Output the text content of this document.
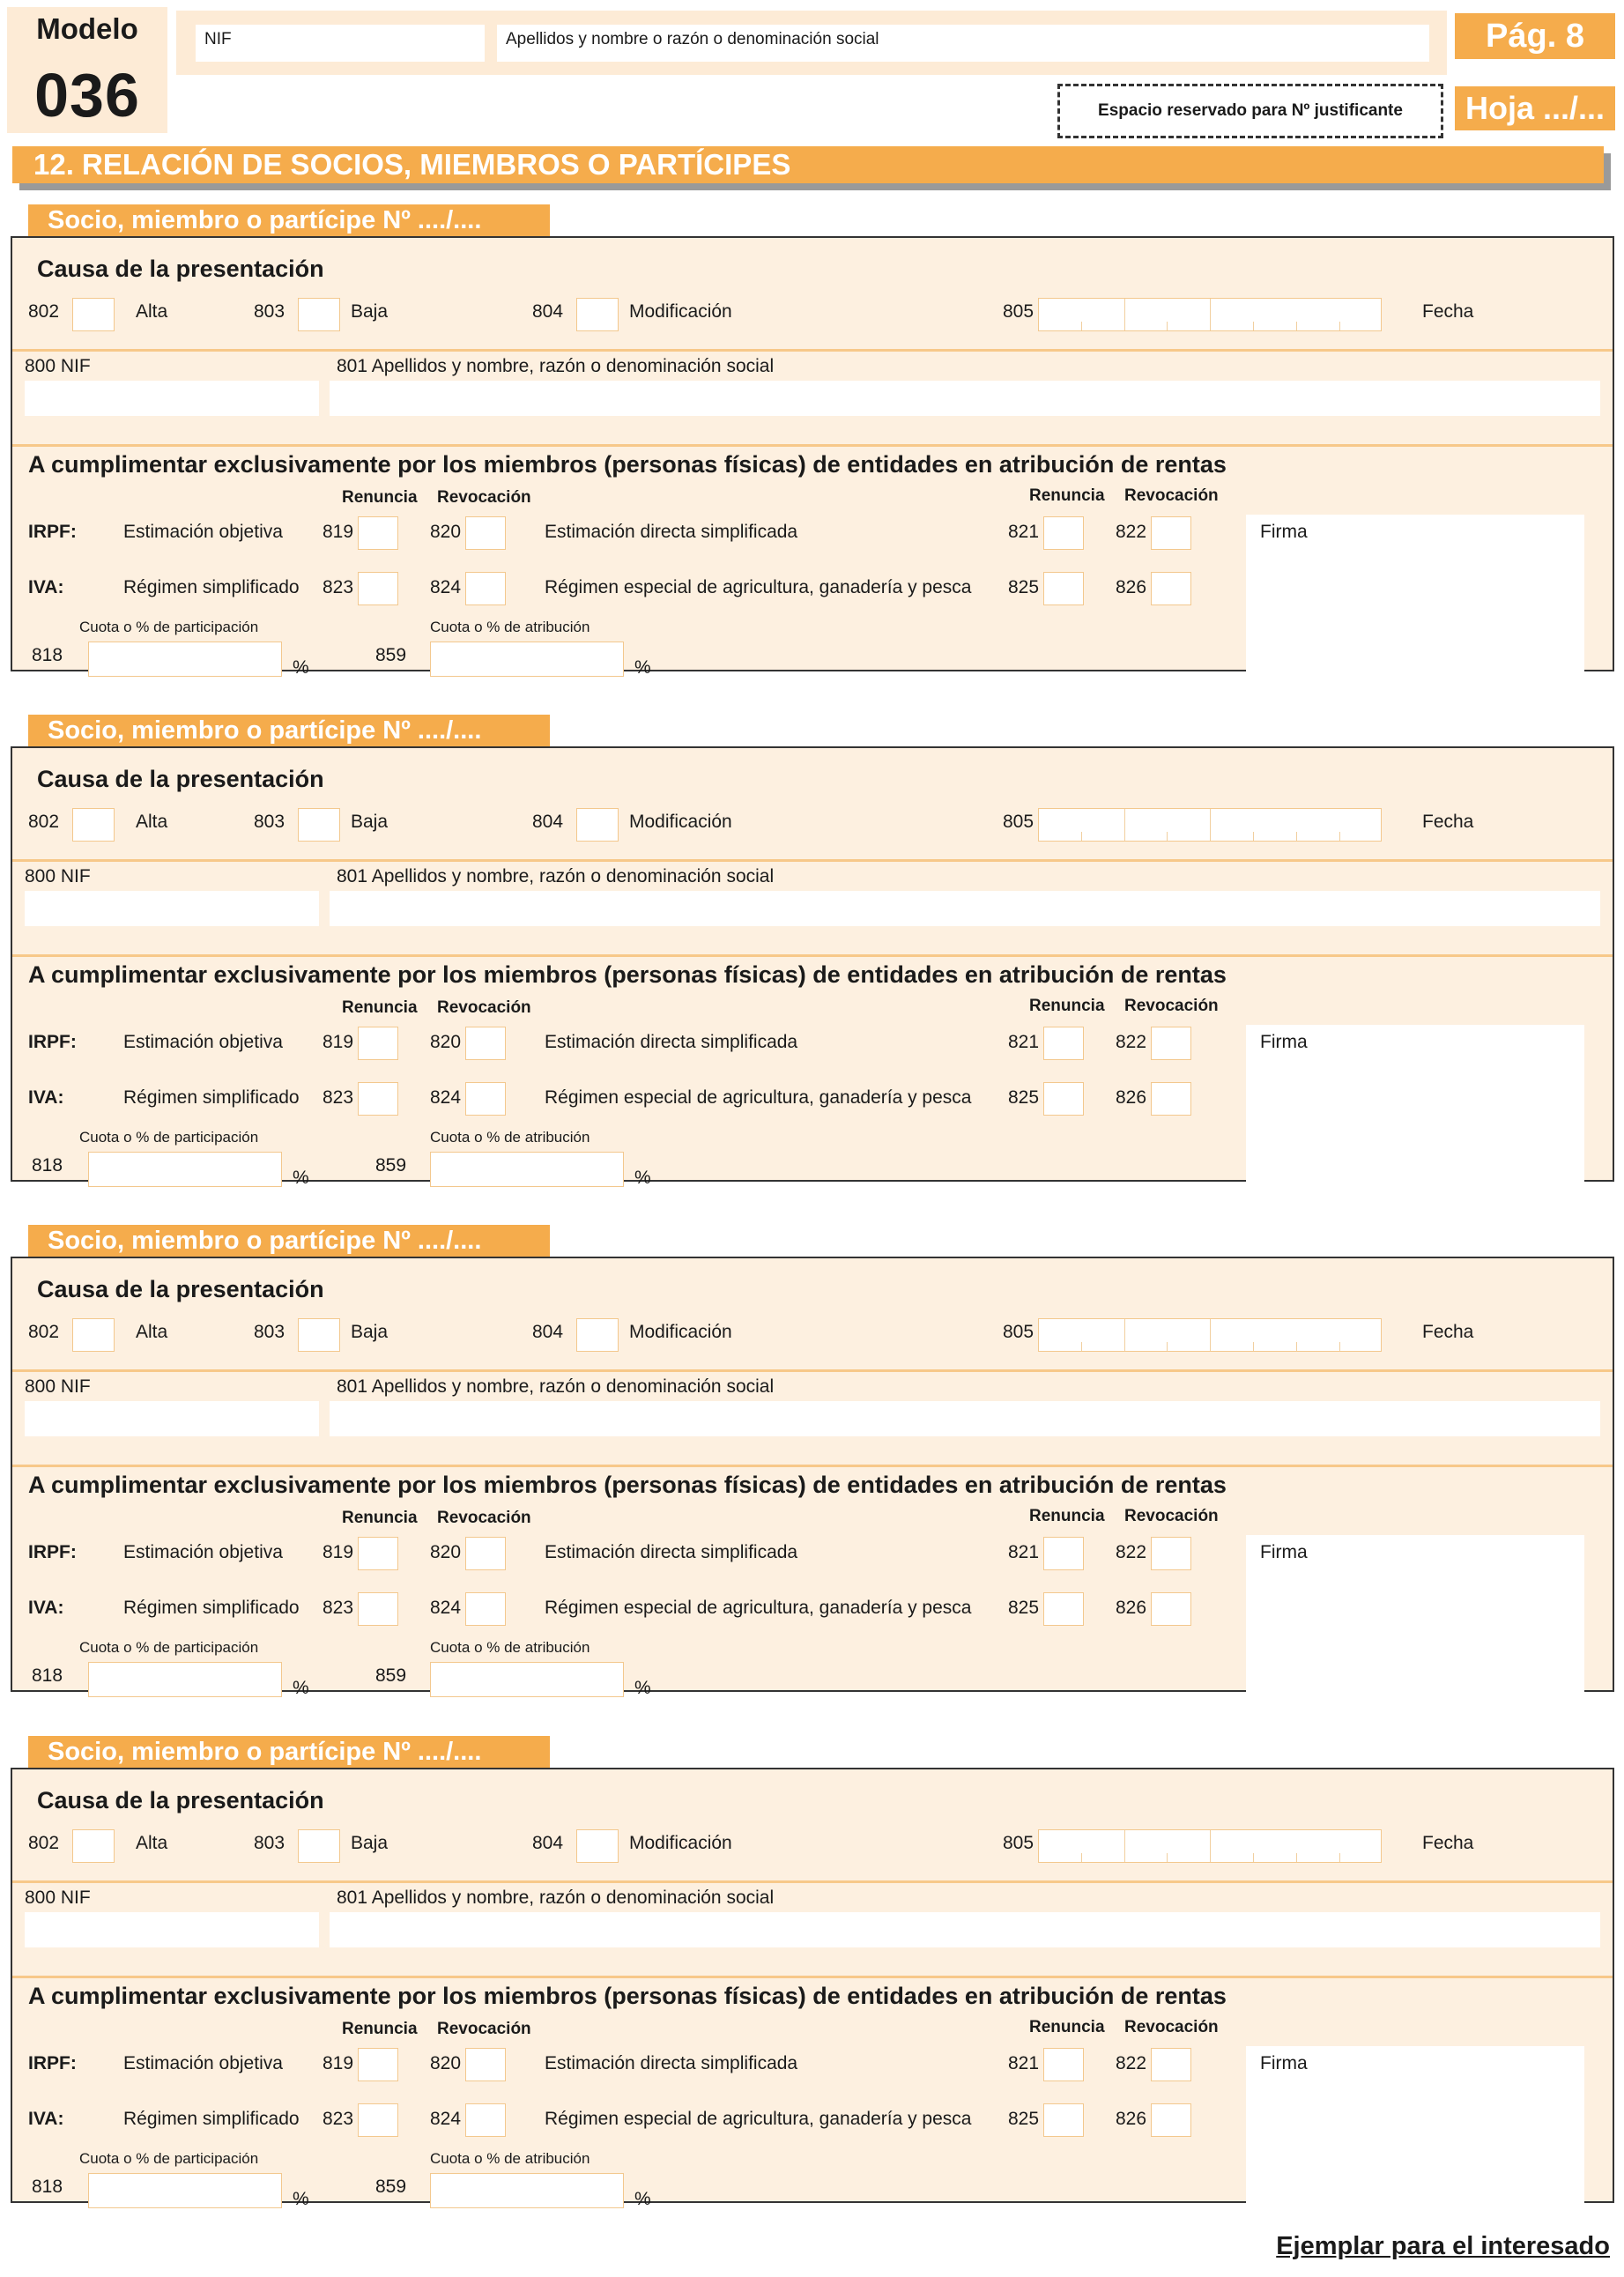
Modelo
036
NIF	Apellidos y nombre o razón o denominación social	Pág. 8
Espacio reservado para Nº justificante	Hoja .../...
12. RELACIÓN DE SOCIOS, MIEMBROS O PARTÍCIPES
Socio, miembro o partícipe Nº ..../....
Causa de la presentación
802	Alta	803	Baja	804	Modificación	805	Fecha
800 NIF	801 Apellidos y nombre, razón o denominación social
A cumplimentar exclusivamente por los miembros (personas físicas) de entidades en atribución de rentas
Renuncia Revocación	Renuncia Revocación
IRPF:	Estimación objetiva 819	820	Estimación directa simplificada	821	822
IVA:	Régimen simplificado 823	824	Régimen especial de agricultura, ganadería y pesca 825	826
Cuota o % de participación
818
%
Cuota o % de atribución
859
%
Firma
Socio, miembro o partícipe Nº ..../....
Causa de la presentación
802	Alta	803	Baja	804	Modificación	805	Fecha
800 NIF	801 Apellidos y nombre, razón o denominación social
A cumplimentar exclusivamente por los miembros (personas físicas) de entidades en atribución de rentas
Renuncia Revocación	Renuncia Revocación
IRPF:	Estimación objetiva 819	820	Estimación directa simplificada	821	822
IVA:	Régimen simplificado 823	824	Régimen especial de agricultura, ganadería y pesca 825	826
Cuota o % de participación
818
%
Cuota o % de atribución
859
%
Firma
Socio, miembro o partícipe Nº ..../....
Causa de la presentación
802	Alta	803	Baja	804	Modificación	805	Fecha
800 NIF	801 Apellidos y nombre, razón o denominación social
A cumplimentar exclusivamente por los miembros (personas físicas) de entidades en atribución de rentas
Renuncia Revocación	Renuncia Revocación
IRPF:	Estimación objetiva 819	820	Estimación directa simplificada	821	822
IVA:	Régimen simplificado 823	824	Régimen especial de agricultura, ganadería y pesca 825	826
Cuota o % de participación
818
%
Cuota o % de atribución
859
%
Firma
Socio, miembro o partícipe Nº ..../....
Causa de la presentación
802	Alta	803	Baja	804	Modificación	805	Fecha
800 NIF	801 Apellidos y nombre, razón o denominación social
A cumplimentar exclusivamente por los miembros (personas físicas) de entidades en atribución de rentas
Renuncia Revocación	Renuncia Revocación
IRPF:	Estimación objetiva 819	820	Estimación directa simplificada	821	822
IVA:	Régimen simplificado 823	824	Régimen especial de agricultura, ganadería y pesca 825	826
Cuota o % de participación
818
%
Cuota o % de atribución
859
%
Firma
Ejemplar para el interesado
